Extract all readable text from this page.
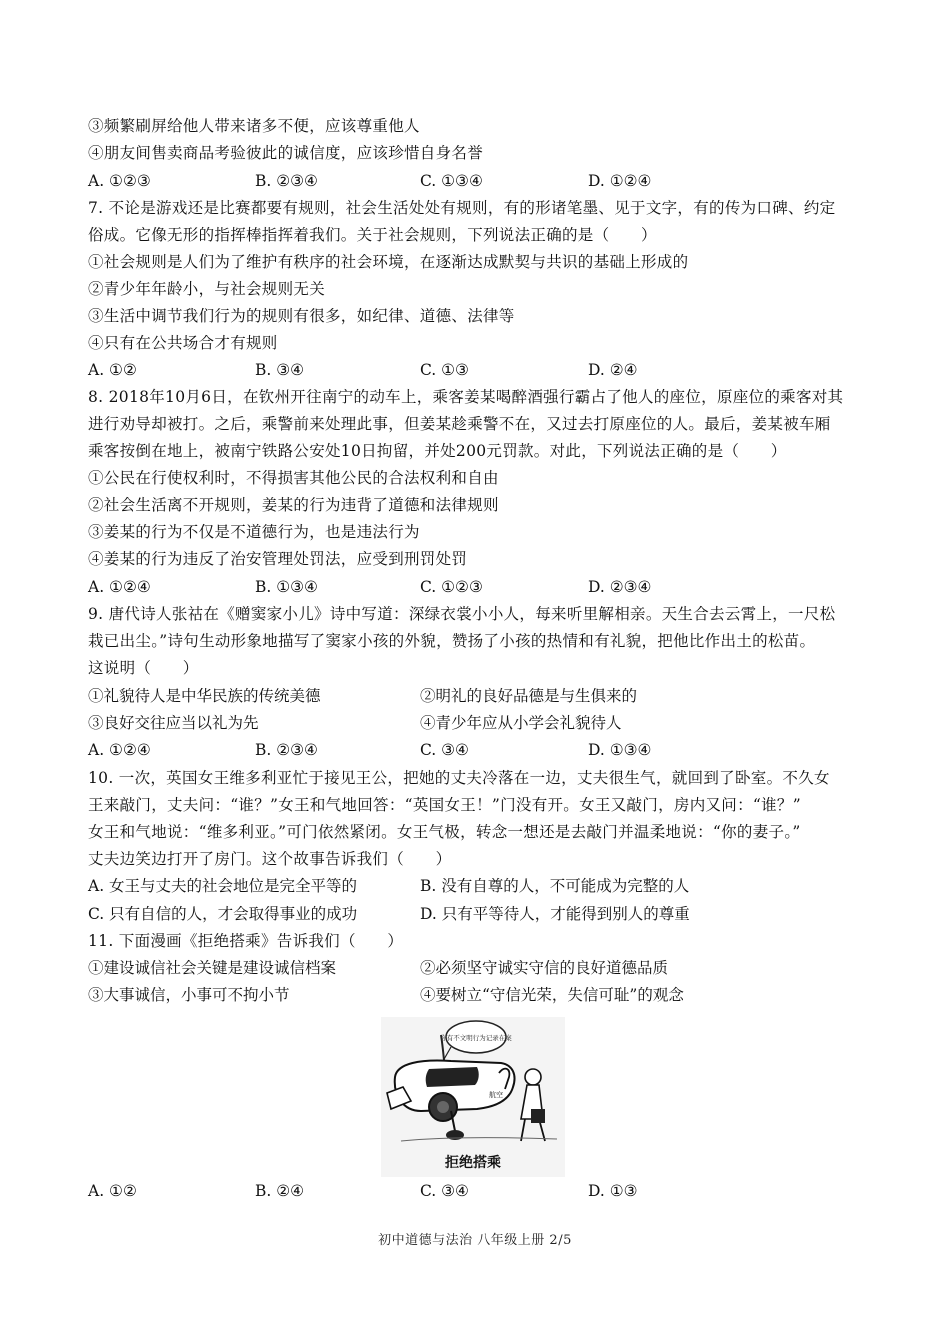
③频繁刷屏给他人带来诸多不便，应该尊重他人
④朋友间售卖商品考验彼此的诚信度，应该珍惜自身名誉
A. ①②③	B. ②③④	C. ①③④	D. ①②④
7. 不论是游戏还是比赛都要有规则，社会生活处处有规则，有的形诸笔墨、见于文字，有的传为口碑、约定
俗成。它像无形的指挥棒指挥着我们。关于社会规则，下列说法正确的是（　　）
①社会规则是人们为了维护有秩序的社会环境，在逐渐达成默契与共识的基础上形成的
②青少年年龄小，与社会规则无关
③生活中调节我们行为的规则有很多，如纪律、道德、法律等
④只有在公共场合才有规则
A. ①②	B. ③④	C. ①③	D. ②④
8. 2018年10月6日，在钦州开往南宁的动车上，乘客姜某喝醉酒强行霸占了他人的座位，原座位的乘客对其
进行劝导却被打。之后，乘警前来处理此事，但姜某趁乘警不在，又过去打原座位的人。最后，姜某被车厢
乘客按倒在地上，被南宁铁路公安处10日拘留，并处200元罚款。对此，下列说法正确的是（　　）
①公民在行使权利时，不得损害其他公民的合法权利和自由
②社会生活离不开规则，姜某的行为违背了道德和法律规则
③姜某的行为不仅是不道德行为，也是违法行为
④姜某的行为违反了治安管理处罚法，应受到刑罚处罚
A. ①②④	B. ①③④	C. ①②③	D. ②③④
9. 唐代诗人张祜在《赠窦家小儿》诗中写道：深绿衣裳小小人，每来听里解相亲。天生合去云霄上，一尺松
栽已出尘。”诗句生动形象地描写了窦家小孩的外貌，赞扬了小孩的热情和有礼貌，把他比作出土的松苗。
这说明（　　）
①礼貌待人是中华民族的传统美德	②明礼的良好品德是与生俱来的
③良好交往应当以礼为先	④青少年应从小学会礼貌待人
A. ①②④	B. ②③④	C. ③④	D. ①③④
10. 一次，英国女王维多利亚忙于接见王公，把她的丈夫冷落在一边，丈夫很生气，就回到了卧室。不久女
王来敲门，丈夫问：“谁？”女王和气地回答：“英国女王！”门没有开。女王又敲门，房内又问：“谁？”
女王和气地说：“维多利亚。”可门依然紧闭。女王气极，转念一想还是去敲门并温柔地说：“你的妻子。”
丈夫边笑边打开了房门。这个故事告诉我们（　　）
A. 女王与丈夫的社会地位是完全平等的	B. 没有自尊的人，不可能成为完整的人
C. 只有自信的人，才会取得事业的成功	D. 只有平等待人，才能得到别人的尊重
11. 下面漫画《拒绝搭乘》告诉我们（　　）
①建设诚信社会关键是建设诚信档案	②必须坚守诚实守信的良好道德品质
③大事诚信，小事可不拘小节	④要树立“守信光荣，失信可耻”的观念
你有不文明行为记录在案
航空
拒绝搭乘
A. ①②	B. ②④	C. ③④	D. ①③
初中道德与法治 八年级上册 2/5
